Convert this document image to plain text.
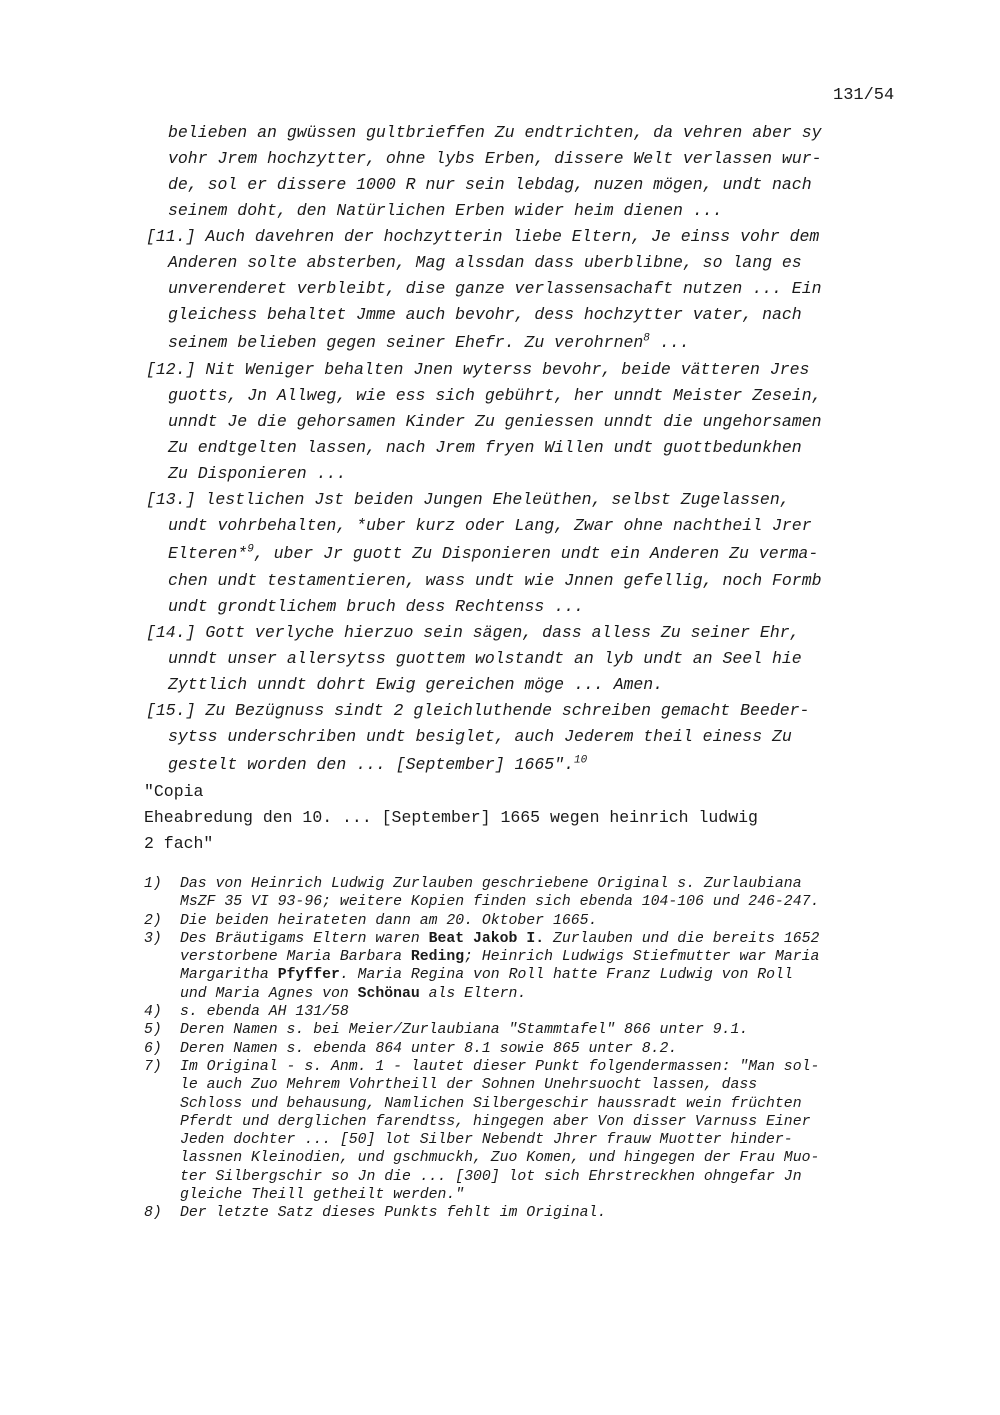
131/54
belieben an gwüssen gultbrieffen Zu endtrichten, da vehren aber sy
vohr Jrem hochzytter, ohne lybs Erben, dissere Welt verlassen wur-
de, sol er dissere 1000 R nur sein lebdag, nuzen mögen, undt nach
seinem doht, den Natürlichen Erben wider heim dienen ...
[11.] Auch davehren der hochzytterin liebe Eltern, Je einss vohr dem
Anderen solte absterben, Mag alssdan dass uberblibne, so lang es
unverenderet verbleibt, dise ganze verlassensachaft nutzen ... Ein
gleichess behaltet Jmme auch bevohr, dess hochzytter vater, nach
seinem belieben gegen seiner Ehefr. Zu verohrnen$^8$ ...
[12.] Nit Weniger behalten Jnen wyterss bevohr, beide vätteren Jres
guotts, Jn Allweg, wie ess sich gebührt, her unndt Meister Zesein,
unndt Je die gehorsamen Kinder Zu geniessen unndt die ungehorsamen
Zu endtgelten lassen, nach Jrem fryen Willen undt guottbedunkhen
Zu Disponieren ...
[13.] lestlichen Jst beiden Jungen Eheleüthen, selbst Zugelassen,
undt vohrbehalten, *uber kurz oder Lang, Zwar ohne nachtheil Jrer
Elteren*$^9$, uber Jr guott Zu Disponieren undt ein Anderen Zu verma-
chen undt testamentieren, wass undt wie Jnnen gefellig, noch Formb
undt grondtlichem bruch dess Rechtenss ...
[14.] Gott verlyche hierzuo sein sägen, dass alless Zu seiner Ehr,
unndt unser allersytss guottem wolstandt an lyb undt an Seel hie
Zyttlich unndt dohrt Ewig gereichen möge ... Amen.
[15.] Zu Bezügnuss sindt 2 gleichluthende schreiben gemacht Beeder-
sytss underschriben undt besiglet, auch Jederem theil einess Zu
gestelt worden den ... [September] 1665".$^{10}$
"Copia
Eheabredung den 10. ... [September] 1665 wegen heinrich ludwig
2 fach"
1)	Das von Heinrich Ludwig Zurlauben geschriebene Original s. Zurlaubiana
MsZF 35 VI 93-96; weitere Kopien finden sich ebenda 104-106 und 246-247.
2)	Die beiden heirateten dann am 20. Oktober 1665.
3)	Des Bräutigams Eltern waren Beat Jakob I. Zurlauben und die bereits 1652
verstorbene Maria Barbara Reding; Heinrich Ludwigs Stiefmutter war Maria
Margaritha Pfyffer. Maria Regina von Roll hatte Franz Ludwig von Roll
und Maria Agnes von Schönau als Eltern.
4)	s. ebenda AH 131/58
5)	Deren Namen s. bei Meier/Zurlaubiana "Stammtafel" 866 unter 9.1.
6)	Deren Namen s. ebenda 864 unter 8.1 sowie 865 unter 8.2.
7)	Im Original - s. Anm. 1 - lautet dieser Punkt folgendermassen: "Man sol-
le auch Zuo Mehrem Vohrtheill der Sohnen Unehrsuocht lassen, dass
Schloss und behausung, Namlichen Silbergeschir haussradt wein früchten
Pferdt und derglichen farendtss, hingegen aber Von disser Varnuss Einer
Jeden dochter ... [50] lot Silber Nebendt Jhrer frauw Muotter hinder-
lassnen Kleinodien, und gschmuckh, Zuo Komen, und hingegen der Frau Muo-
ter Silbergschir so Jn die ... [300] lot sich Ehrstreckhen ohngefar Jn
gleiche Theill getheilt werden."
8)	Der letzte Satz dieses Punkts fehlt im Original.
